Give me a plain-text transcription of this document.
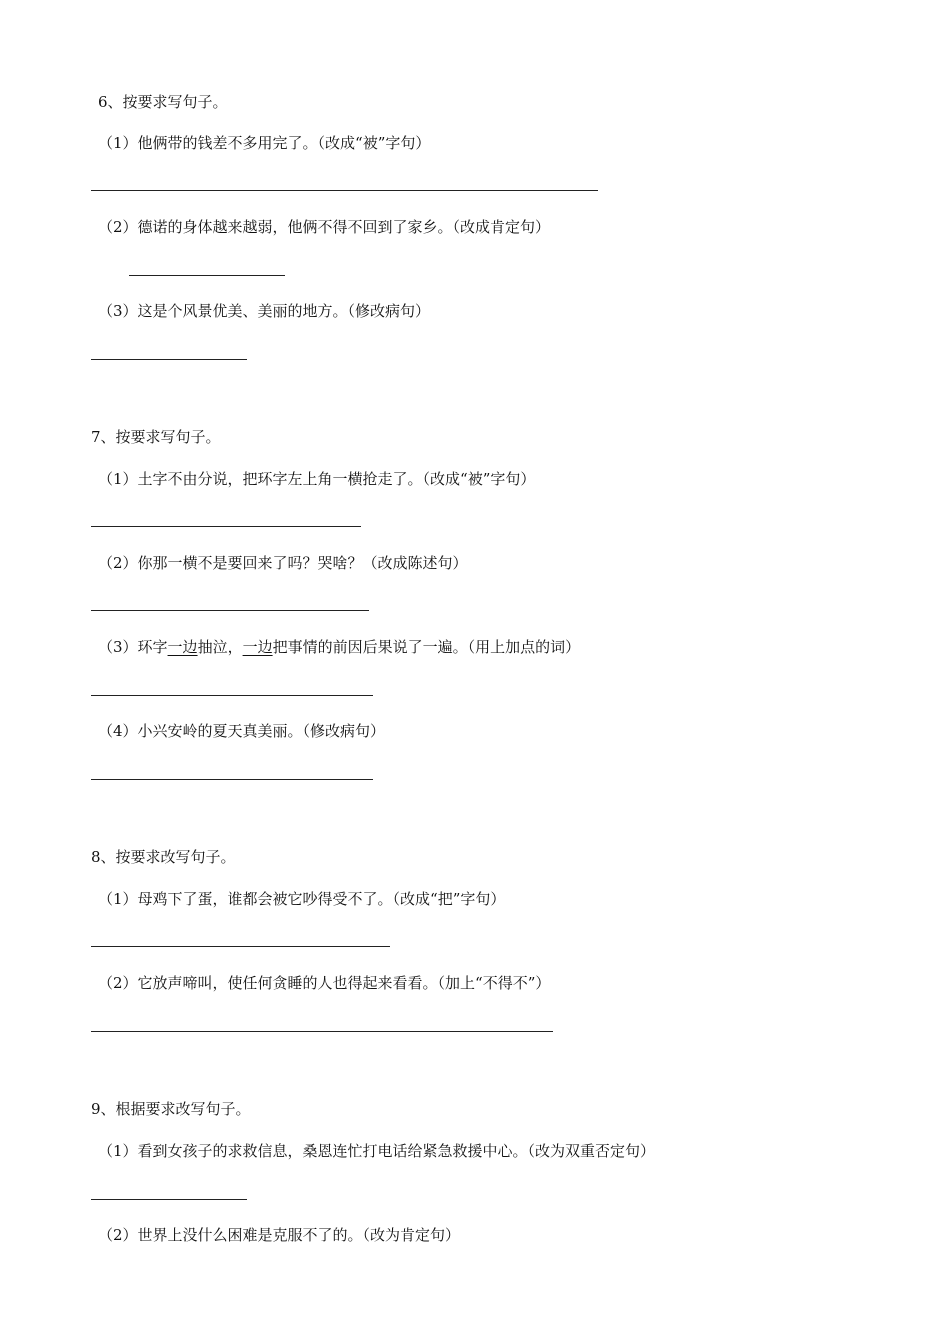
6、按要求写句子。
（1）他俩带的钱差不多用完了。（改成“被”字句）
（2）德诺的身体越来越弱，他俩不得不回到了家乡。（改成肯定句）
（3）这是个风景优美、美丽的地方。（修改病句）
7、按要求写句子。
（1）土字不由分说，把环字左上角一横抢走了。（改成“被”字句）
（2）你那一横不是要回来了吗？哭啥？（改成陈述句）
（3）环字一边抽泣，一边把事情的前因后果说了一遍。（用上加点的词）
（4）小兴安岭的夏天真美丽。（修改病句）
8、按要求改写句子。
（1）母鸡下了蛋，谁都会被它吵得受不了。（改成“把”字句）
（2）它放声啼叫，使任何贪睡的人也得起来看看。（加上“不得不”）
9、根据要求改写句子。
（1）看到女孩子的求救信息，桑恩连忙打电话给紧急救援中心。（改为双重否定句）
（2）世界上没什么困难是克服不了的。（改为肯定句）
